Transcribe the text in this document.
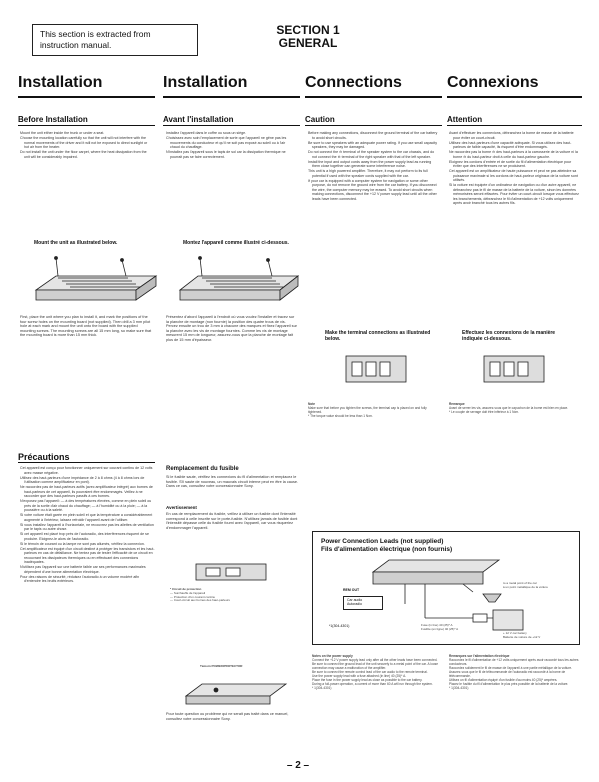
This section is extracted from instruction manual.
SECTION 1
GENERAL
Installation	Installation	Connections	Connexions
Before Installation	Avant l'installation	Caution	Attention
Mount the unit either inside the trunk or under a seat.
Choose the mounting location carefully so that the unit will not interfere with the normal movements of the driver and it will not be exposed to direct sunlight or hot air from the heater.
Do not install the unit under the floor carpet, where the heat dissipation from the unit will be considerably impaired.
Installez l'appareil dans le coffre ou sous un siège.
Choisissez avec soin l'emplacement de sorte que l'appareil ne gêne pas les mouvements du conducteur et qu'il ne soit pas exposé au soleil ou à l'air chaud du chauffage.
N'installez pas l'appareil sous le tapis de sol car la dissipation thermique ne pourrait pas se faire correctement.
Before making any connections, disconnect the ground terminal of the car battery to avoid short circuits.
Be sure to use speakers with an adequate power rating. If you use small capacity speakers, they may be damaged.
Do not connect the ⊖ terminal of the speaker system to the car chassis, and do not connect the ⊖ terminal of the right speaker with that of the left speaker.
Install the input and output cords away from the power supply lead as running them close together can generate some interference noise.
This unit is a high powered amplifier. Therefore, it may not perform to its full potential if used with the speaker cords supplied with the car.
If your car is equipped with a computer system for navigation or some other purpose, do not remove the ground wire from the car battery. If you disconnect the wire, the computer memory may be erased. To avoid short circuits when making connections, disconnect the +12 V power supply lead until all the other leads have been connected.
Avant d'effectuer les connexions, débranchez la borne de masse de la batterie pour éviter un court-circuit.
Utilisez des haut-parleurs d'une capacité adéquate. Si vous utilisez des haut-parleurs de faible capacité, ils risquent d'être endommagés.
Ne raccordez pas la borne ⊖ des haut-parleurs à la carrosserie de la voiture ni la borne ⊖ du haut-parleur droit à celle du haut-parleur gauche.
Eloignez les cordons d'entrée et de sortie du fil d'alimentation électrique pour éviter que des interférences ne se produisent.
Cet appareil est un amplificateur de haute puissance et peut ne pas atteindre sa puissance maximale si les cordons de haut-parleur originaux de la voiture sont utilisés.
Si la voiture est équipée d'un ordinateur de navigation ou d'un autre appareil, ne débranchez pas le fil de masse de la batterie de la voiture, sinon les données mémorisées seront effacées. Pour éviter un court-circuit lorsque vous effectuez les branchements, débranchez le fil d'alimentation de +12 volts uniquement après avoir branché tous les autres fils.
Mount the unit as illustrated below.	Montez l'appareil comme illustré ci-dessous.
Make the terminal connections as illustrated below.
Effectuez les connexions de la manière indiquée ci-dessous.
First, place the unit where you plan to install it, and mark the positions of the four screw holes on the mounting board (not supplied). Then drill a 3 mm pilot hole at each mark and mount the unit onto the board with the supplied mounting screws. The mounting screws are all 15 mm long, so make sure that the mounting board is more than 15 mm thick.
Présentez d'abord l'appareil à l'endroit où vous voulez l'installer et tracez sur la planche de montage (non fournie) la position des quatre trous de vis. Percez ensuite un trou de 3 mm à chacune des marques et fixez l'appareil sur la planche avec les vis de montage fournies. Comme les vis de montage mesurent 15 mm de longueur, assurez-vous que la planche de montage fait plus de 15 mm d'épaisseur.
Note
Make sure that before you tighten the screws, the terminal cap is placed on and fully tightened.
* The torque value should be less than 1 N•m.
Remarque
Avant de serrer les vis, assurez-vous que le capuchon de la borne est bien en place.
* Le couple de serrage doit être inférieur à 1 N•m.
Précautions
Cet appareil est conçu pour fonctionner uniquement sur courant continu de 12 volts avec masse négative.
Utilisez des haut-parleurs d'une impédance de 2 à 8 ohms (4 à 8 ohms lors de l'utilisation comme amplificateur en pont).
Ne raccordez pas de haut-parleurs actifs (avec amplificateur intégré) aux bornes de haut-parleurs de cet appareil, ils pourraient être endommagés. Veillez à ne raccorder que des haut-parleurs passifs à ces bornes.
N'exposez pas l'appareil: — à des températures élevées, comme en plein soleil ou près de la sortie d'air chaud du chauffage; — à l'humidité ou à la pluie; — à la poussière ou à la saleté.
Si votre voiture était garée en plein soleil et que la température a considérablement augmenté à l'intérieur, laissez refroidir l'appareil avant de l'utiliser.
Si vous installez l'appareil à l'horizontale, ne recouvrez pas les ailettes de ventilation par le tapis ou autre chose.
Si cet appareil est placé trop près de l'autoradio, des interférences risquent de se produire. Eloignez-le alors de l'autoradio.
Si le témoin de courant ou la lampe ne sont pas allumés, vérifiez la connexion.
Cet amplificateur est équipé d'un circuit destiné à protéger les transistors et les haut-parleurs en cas de défaillance. Ne tentez pas de tester l'efficacité de ce circuit en recouvrant les dissipateurs thermiques ou en effectuant des connexions inadéquates.
N'utilisez pas l'appareil sur une batterie faible car ses performances maximales dépendent d'une bonne alimentation électrique.
Pour des raisons de sécurité, réduisez l'autoradio à un volume modéré afin d'entendre les bruits extérieurs.
Remplacement du fusible
Si le fusible saute, vérifiez les connexions du fil d'alimentation et remplacez le fusible. S'il saute de nouveau, un mauvais circuit interne peut en être la cause. Dans ce cas, consultez votre concessionnaire Sony.
Avertissement
En cas de remplacement du fusible, veillez à utiliser un fusible dont l'intensité correspond à celle inscrite sur le porte-fusible. N'utilisez jamais de fusible dont l'intensité dépasse celle du fusible fourni avec l'appareil, car vous risqueriez d'endommager l'appareil.
* Circuit de protection
— Surchauffe de l'appareil
— Protection d'un courant continu
— Court-circuit aux bornes des haut-parleurs
Témoin POWER/PROTECTOR
Pour toute question ou problème qui ne serait pas traité dans ce manuel, consultez votre concessionnaire Sony.
Power Connection Leads (not supplied)
Fils d'alimentation électrique (non fournis)
to a metal point of the car
à un point métallique de la voiture
REM OUT
Car audio
Autoradio
*1(304-4301)	Fuse (in line) 40 (25)* A
Fusible (en ligne) 40 (25)* A
+ 12 V car battery
Batterie de voiture de +12 V
Notes on the power supply
Connect the +12 V power supply lead only after all the other leads have been connected.
Be sure to connect the ground lead of the unit securely to a metal point of the car. A loose connection may cause a malfunction of the amplifier.
Be sure to connect the remote control lead of the car audio to the remote terminal.
Use the power supply lead with a fuse attached (in line) 40 (25)* A.
Place the fuse in the power supply lead as close as possible to the car battery.
During a full-power operation, a current of more than 60 A will run through the system.
* 1(304-4301)
Remarques sur l'alimentation électrique
Raccordez le fil d'alimentation de +12 volts uniquement après avoir raccordé tous les autres conducteurs.
Raccordez solidement le fil de masse de l'appareil à une partie métallique de la voiture.
Assurez-vous que le fil de télécommande de l'autoradio est raccordé à la borne de télécommande.
Utilisez un fil d'alimentation équipé d'un fusible d'au moins 40 (25)* ampères.
Placez le fusible du fil d'alimentation le plus près possible de la batterie de la voiture.
* 1(304-4301)
– 2 –
